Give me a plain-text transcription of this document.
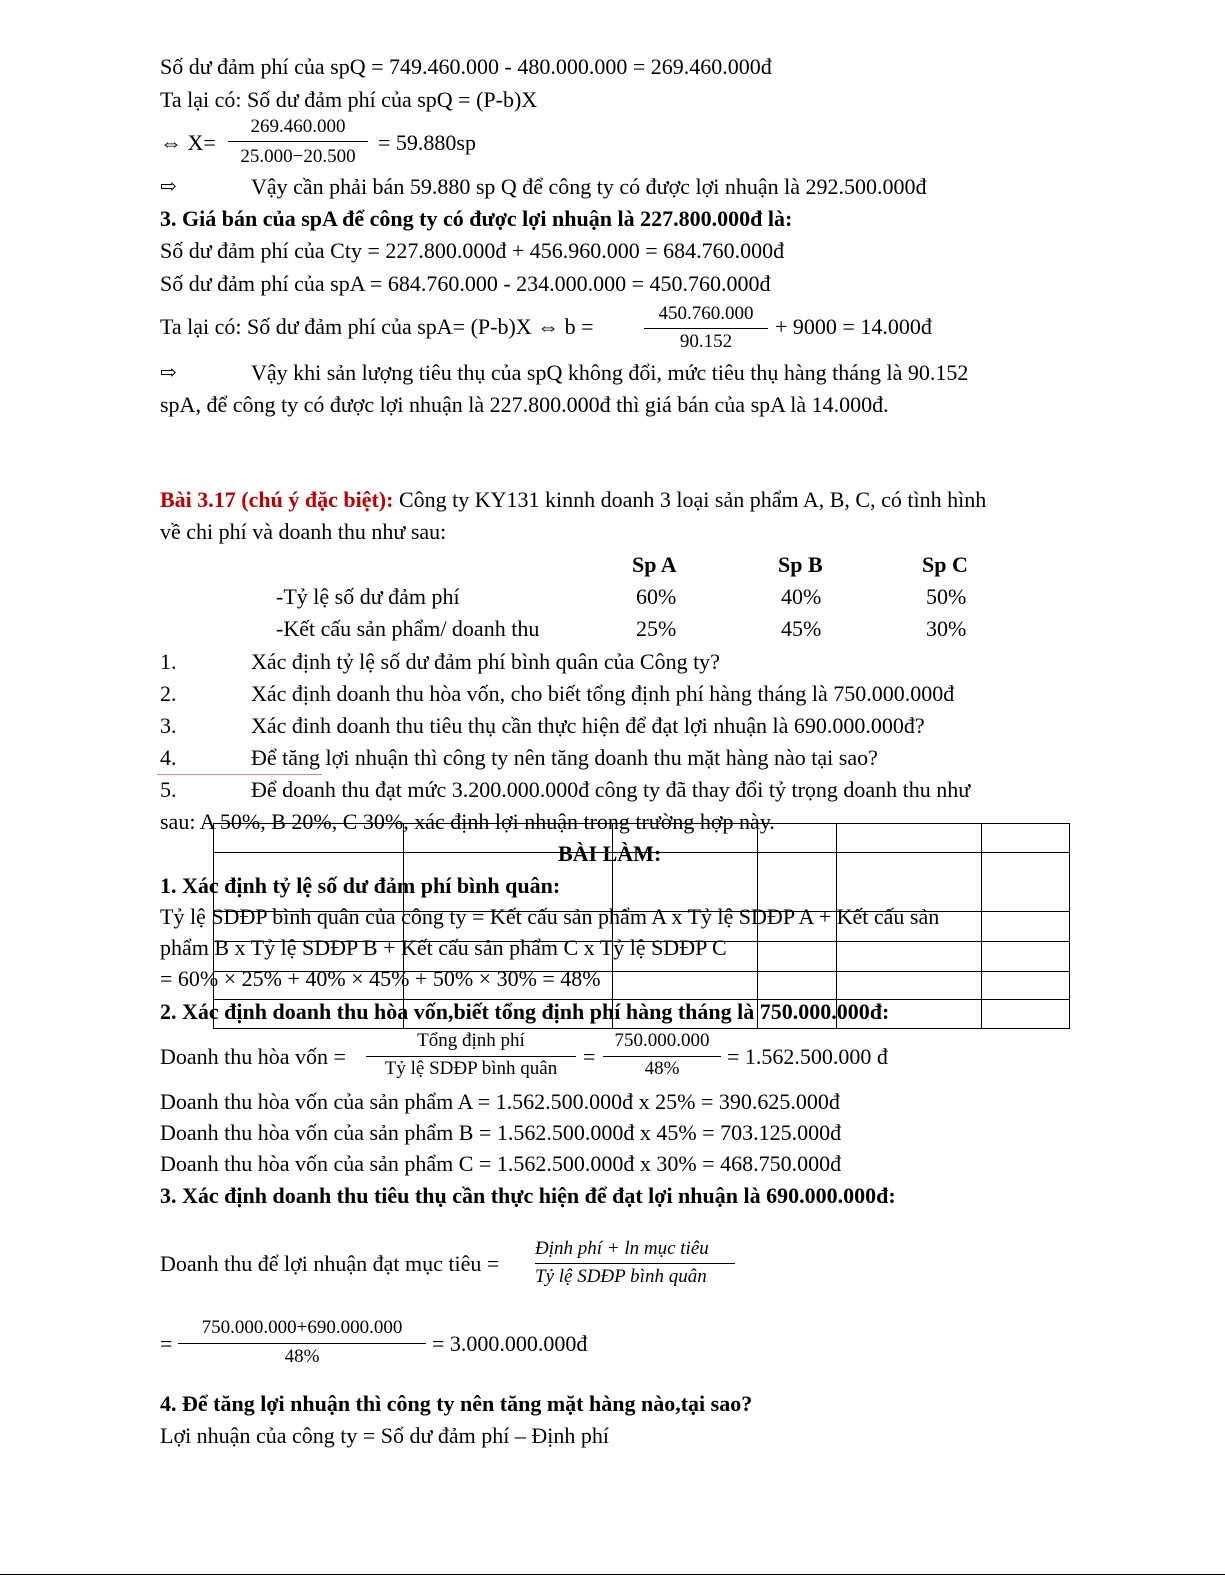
Số dư đảm phí của spQ = 749.460.000 - 480.000.000 = 269.460.000đ
Ta lại có: Số dư đảm phí của spQ = (P-b)X
⇔ X=
269.460.000
25.000−20.500
= 59.880sp
⇨	Vậy cần phải bán 59.880 sp Q để công ty có được lợi nhuận là 292.500.000đ
3. Giá bán của spA để công ty có được lợi nhuận là 227.800.000đ là:
Số dư đảm phí của Cty = 227.800.000đ + 456.960.000 = 684.760.000đ
Số dư đảm phí của spA = 684.760.000 - 234.000.000 = 450.760.000đ
Ta lại có: Số dư đảm phí của spA= (P-b)X ⇔ b =
450.760.000
90.152
+ 9000 = 14.000đ
⇨	Vậy khi sản lượng tiêu thụ của spQ không đổi, mức tiêu thụ hàng tháng là 90.152
spA, để công ty có được lợi nhuận là 227.800.000đ thì giá bán của spA là 14.000đ.
Bài 3.17 (chú ý đặc biệt): Công ty KY131 kinnh doanh 3 loại sản phẩm A, B, C, có tình hình
về chi phí và doanh thu như sau:
Sp A	Sp B	Sp C
-Tỷ lệ số dư đảm phí	60%	40%	50%
-Kết cấu sản phẩm/ doanh thu	25%	45%	30%
1.	Xác định tỷ lệ số dư đảm phí bình quân của Công ty?
2.	Xác định doanh thu hòa vốn, cho biết tổng định phí hàng tháng là 750.000.000đ
3.	Xác đinh doanh thu tiêu thụ cần thực hiện để đạt lợi nhuận là 690.000.000đ?
4.	Để tăng lợi nhuận thì công ty nên tăng doanh thu mặt hàng nào tại sao?
5.	Để doanh thu đạt mức 3.200.000.000đ công ty đã thay đổi tỷ trọng doanh thu như
sau: A 50%, B 20%, C 30%, xác định lợi nhuận trong trường hợp này.
BÀI LÀM:
1. Xác định tỷ lệ số dư đảm phí bình quân:
Tỷ lệ SDĐP bình quân của công ty = Kết cấu sản phẩm A x Tỷ lệ SDĐP A + Kết cấu sản
phẩm B x Tỷ lệ SDĐP B + Kết cấu sản phẩm C x Tỷ lệ SDĐP C
= 60% × 25% + 40% × 45% + 50% × 30% = 48%
2. Xác định doanh thu hòa vốn,biết tổng định phí hàng tháng là 750.000.000đ:
Doanh thu hòa vốn =
Tổng định phí
Tỷ lệ SDĐP bình quân	=
750.000.000
48%	= 1.562.500.000 đ
Doanh thu hòa vốn của sản phẩm A = 1.562.500.000đ x 25% = 390.625.000đ
Doanh thu hòa vốn của sản phẩm B = 1.562.500.000đ x 45% = 703.125.000đ
Doanh thu hòa vốn của sản phẩm C = 1.562.500.000đ x 30% = 468.750.000đ
3. Xác định doanh thu tiêu thụ cần thực hiện để đạt lợi nhuận là 690.000.000đ:
Doanh thu để lợi nhuận đạt mục tiêu =
Định phí + ln mục tiêu
Tỷ lệ SDĐP bình quân
=
750.000.000+690.000.000
48%
= 3.000.000.000đ
4. Để tăng lợi nhuận thì công ty nên tăng mặt hàng nào,tại sao?
Lợi nhuận của công ty = Số dư đảm phí – Định phí
